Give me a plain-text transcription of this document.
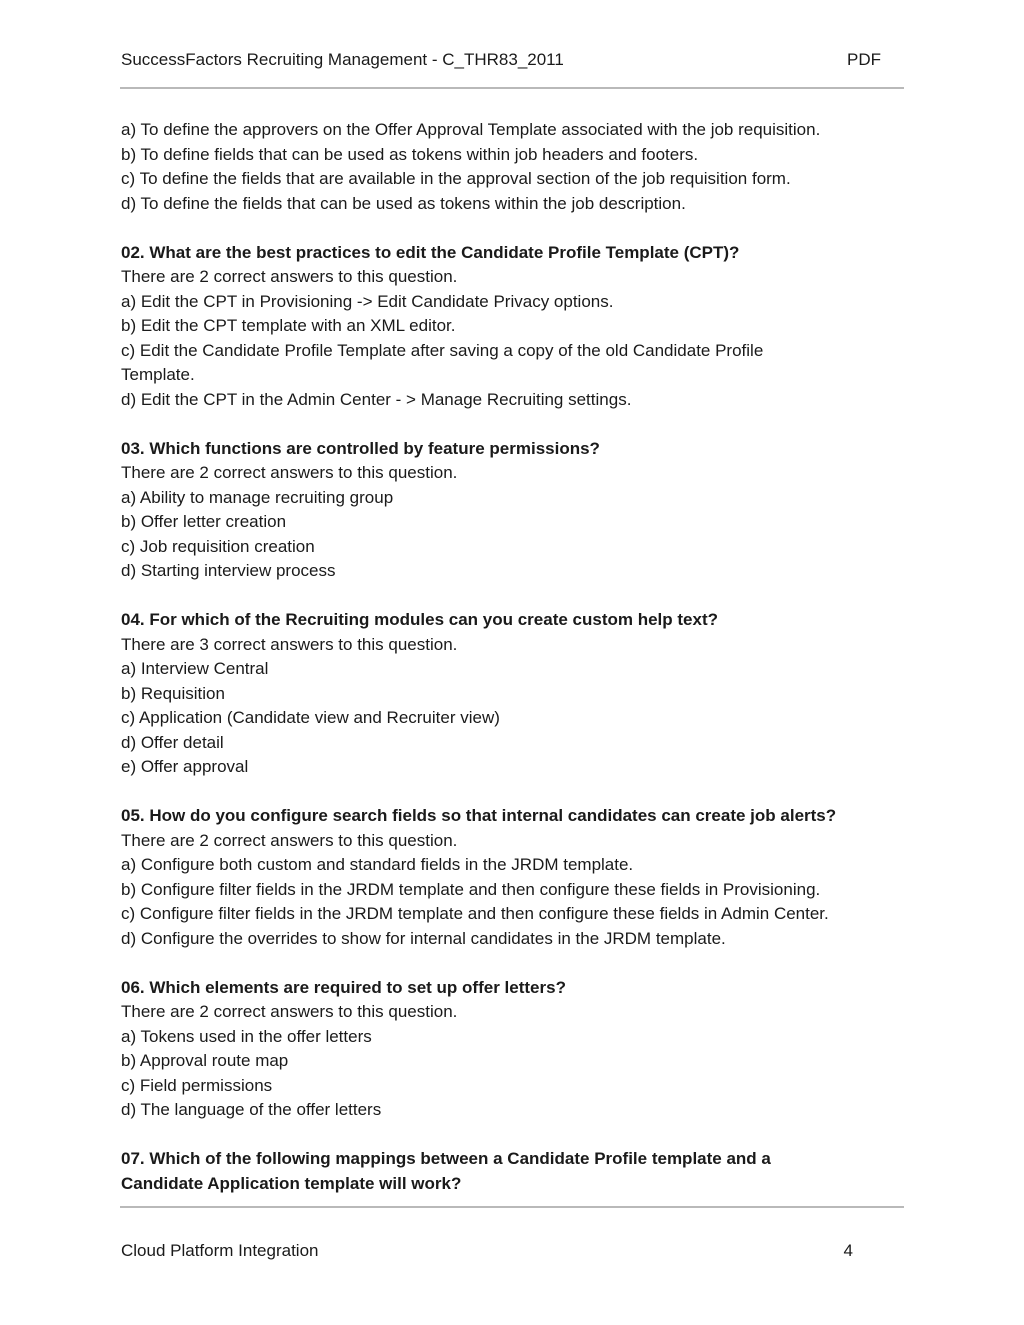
SuccessFactors Recruiting Management - C_THR83_2011	PDF
a) To define the approvers on the Offer Approval Template associated with the job requisition.
b) To define fields that can be used as tokens within job headers and footers.
c) To define the fields that are available in the approval section of the job requisition form.
d) To define the fields that can be used as tokens within the job description.
02. What are the best practices to edit the Candidate Profile Template (CPT)?
There are 2 correct answers to this question.
a) Edit the CPT in Provisioning -> Edit Candidate Privacy options.
b) Edit the CPT template with an XML editor.
c) Edit the Candidate Profile Template after saving a copy of the old Candidate Profile
Template.
d) Edit the CPT in the Admin Center - > Manage Recruiting settings.
03. Which functions are controlled by feature permissions?
There are 2 correct answers to this question.
a) Ability to manage recruiting group
b) Offer letter creation
c) Job requisition creation
d) Starting interview process
04. For which of the Recruiting modules can you create custom help text?
There are 3 correct answers to this question.
a) Interview Central
b) Requisition
c) Application (Candidate view and Recruiter view)
d) Offer detail
e) Offer approval
05. How do you configure search fields so that internal candidates can create job alerts?
There are 2 correct answers to this question.
a) Configure both custom and standard fields in the JRDM template.
b) Configure filter fields in the JRDM template and then configure these fields in Provisioning.
c) Configure filter fields in the JRDM template and then configure these fields in Admin Center.
d) Configure the overrides to show for internal candidates in the JRDM template.
06. Which elements are required to set up offer letters?
There are 2 correct answers to this question.
a) Tokens used in the offer letters
b) Approval route map
c) Field permissions
d) The language of the offer letters
07. Which of the following mappings between a Candidate Profile template and a
Candidate Application template will work?
Cloud Platform Integration	4
